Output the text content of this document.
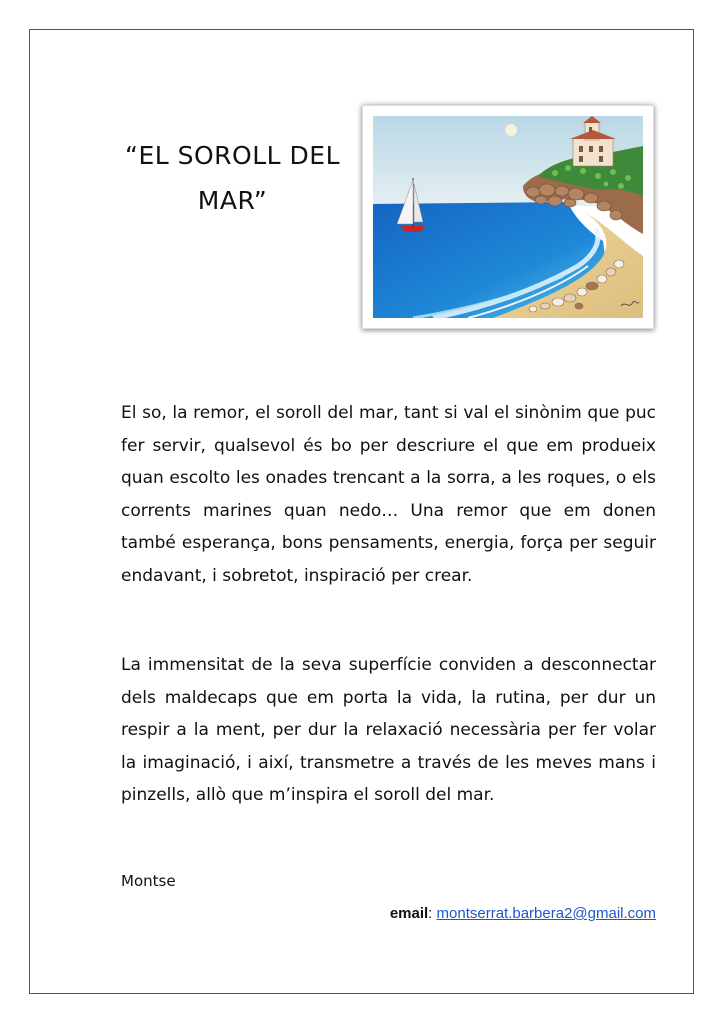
“EL SOROLL DEL
MAR”

El so, la remor, el soroll del mar, tant si val el sinònim que puc fer servir, qualsevol és bo per descriure el que em produeix quan escolto les onades trencant a la sorra, a les roques, o els corrents marines quan nedo… Una remor que em donen també esperança, bons pensaments, energia, força per seguir endavant, i sobretot, inspiració per crear.

La immensitat de la seva superfície conviden a desconnectar dels maldecaps que em porta la vida, la rutina, per dur un respir a la ment, per dur la relaxació necessària per fer volar la imaginació, i així, transmetre a través de les meves mans i pinzells, allò que m’inspira el soroll del mar.

Montse
email: montserrat.barbera2@gmail.com
